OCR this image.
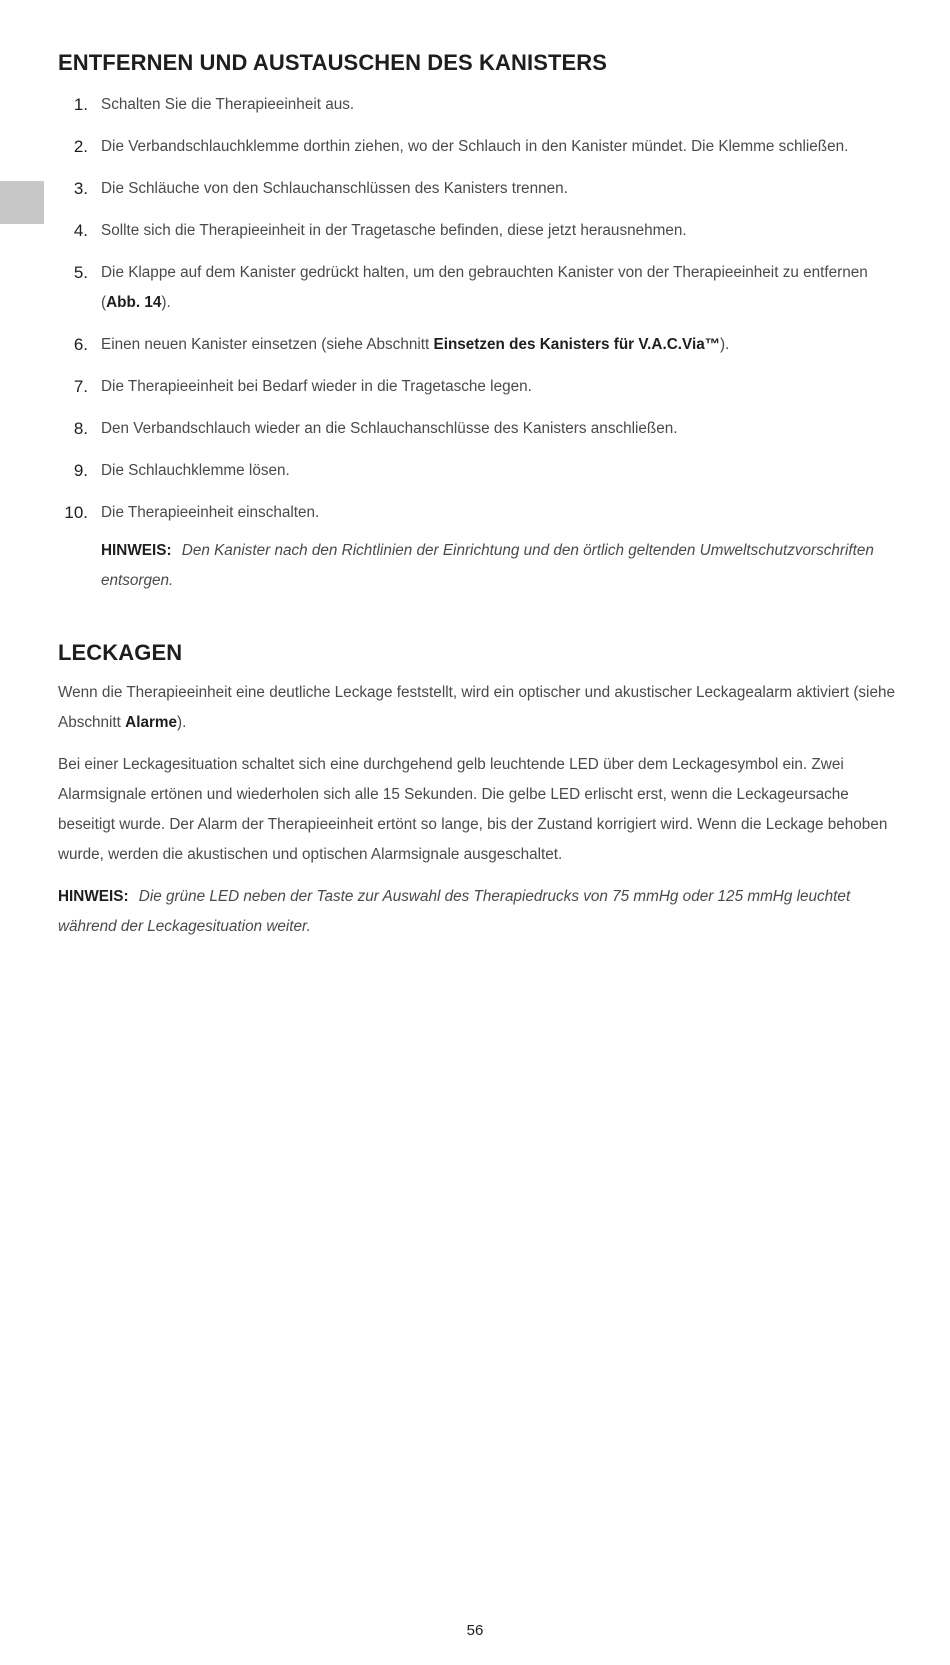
ENTFERNEN UND AUSTAUSCHEN DES KANISTERS
1. Schalten Sie die Therapieeinheit aus.
2. Die Verbandschlauchklemme dorthin ziehen, wo der Schlauch in den Kanister mündet. Die Klemme schließen.
3. Die Schläuche von den Schlauchanschlüssen des Kanisters trennen.
4. Sollte sich die Therapieeinheit in der Tragetasche befinden, diese jetzt herausnehmen.
5. Die Klappe auf dem Kanister gedrückt halten, um den gebrauchten Kanister von der Therapieeinheit zu entfernen (Abb. 14).
6. Einen neuen Kanister einsetzen (siehe Abschnitt Einsetzen des Kanisters für V.A.C.Via™).
7. Die Therapieeinheit bei Bedarf wieder in die Tragetasche legen.
8. Den Verbandschlauch wieder an die Schlauchanschlüsse des Kanisters anschließen.
9. Die Schlauchklemme lösen.
10. Die Therapieeinheit einschalten.
HINWEIS: Den Kanister nach den Richtlinien der Einrichtung und den örtlich geltenden Umweltschutzvorschriften entsorgen.
LECKAGEN

Wenn die Therapieeinheit eine deutliche Leckage feststellt, wird ein optischer und akustischer Leckagealarm aktiviert (siehe Abschnitt Alarme).

Bei einer Leckagesituation schaltet sich eine durchgehend gelb leuchtende LED über dem Leckagesymbol ein. Zwei Alarmsignale ertönen und wiederholen sich alle 15 Sekunden. Die gelbe LED erlischt erst, wenn die Leckageursache beseitigt wurde. Der Alarm der Therapieeinheit ertönt so lange, bis der Zustand korrigiert wird. Wenn die Leckage behoben wurde, werden die akustischen und optischen Alarmsignale ausgeschaltet.

HINWEIS: Die grüne LED neben der Taste zur Auswahl des Therapiedrucks von 75 mmHg oder 125 mmHg leuchtet während der Leckagesituation weiter.
56
